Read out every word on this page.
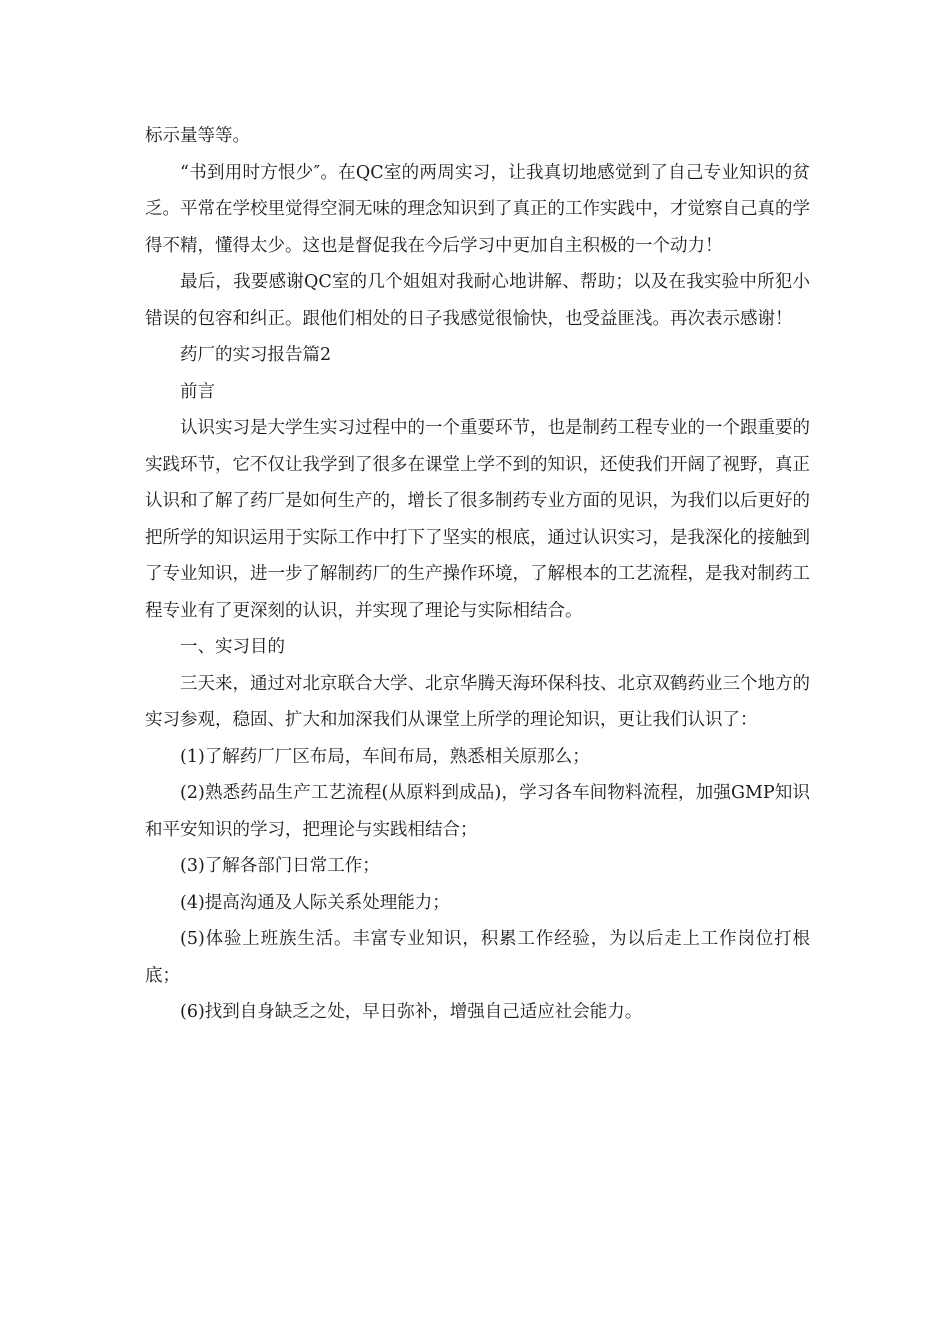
标示量等等。

“书到用时方恨少″。在QC室的两周实习，让我真切地感觉到了自己专业知识的贫乏。平常在学校里觉得空洞无味的理念知识到了真正的工作实践中，才觉察自己真的学得不精，懂得太少。这也是督促我在今后学习中更加自主积极的一个动力！

最后，我要感谢QC室的几个姐姐对我耐心地讲解、帮助；以及在我实验中所犯小错误的包容和纠正。跟他们相处的日子我感觉很愉快，也受益匪浅。再次表示感谢！

药厂的实习报告篇2

前言

认识实习是大学生实习过程中的一个重要环节，也是制药工程专业的一个跟重要的实践环节，它不仅让我学到了很多在课堂上学不到的知识，还使我们开阔了视野，真正认识和了解了药厂是如何生产的，增长了很多制药专业方面的见识，为我们以后更好的把所学的知识运用于实际工作中打下了坚实的根底，通过认识实习，是我深化的接触到了专业知识，进一步了解制药厂的生产操作环境，了解根本的工艺流程，是我对制药工程专业有了更深刻的认识，并实现了理论与实际相结合。

一、实习目的

三天来，通过对北京联合大学、北京华腾天海环保科技、北京双鹤药业三个地方的实习参观，稳固、扩大和加深我们从课堂上所学的理论知识，更让我们认识了：

(1)了解药厂厂区布局，车间布局，熟悉相关原那么；

(2)熟悉药品生产工艺流程(从原料到成品)，学习各车间物料流程，加强GMP知识和平安知识的学习，把理论与实践相结合；

(3)了解各部门日常工作；

(4)提高沟通及人际关系处理能力；

(5)体验上班族生活。丰富专业知识，积累工作经验，为以后走上工作岗位打根底；

(6)找到自身缺乏之处，早日弥补，增强自己适应社会能力。
